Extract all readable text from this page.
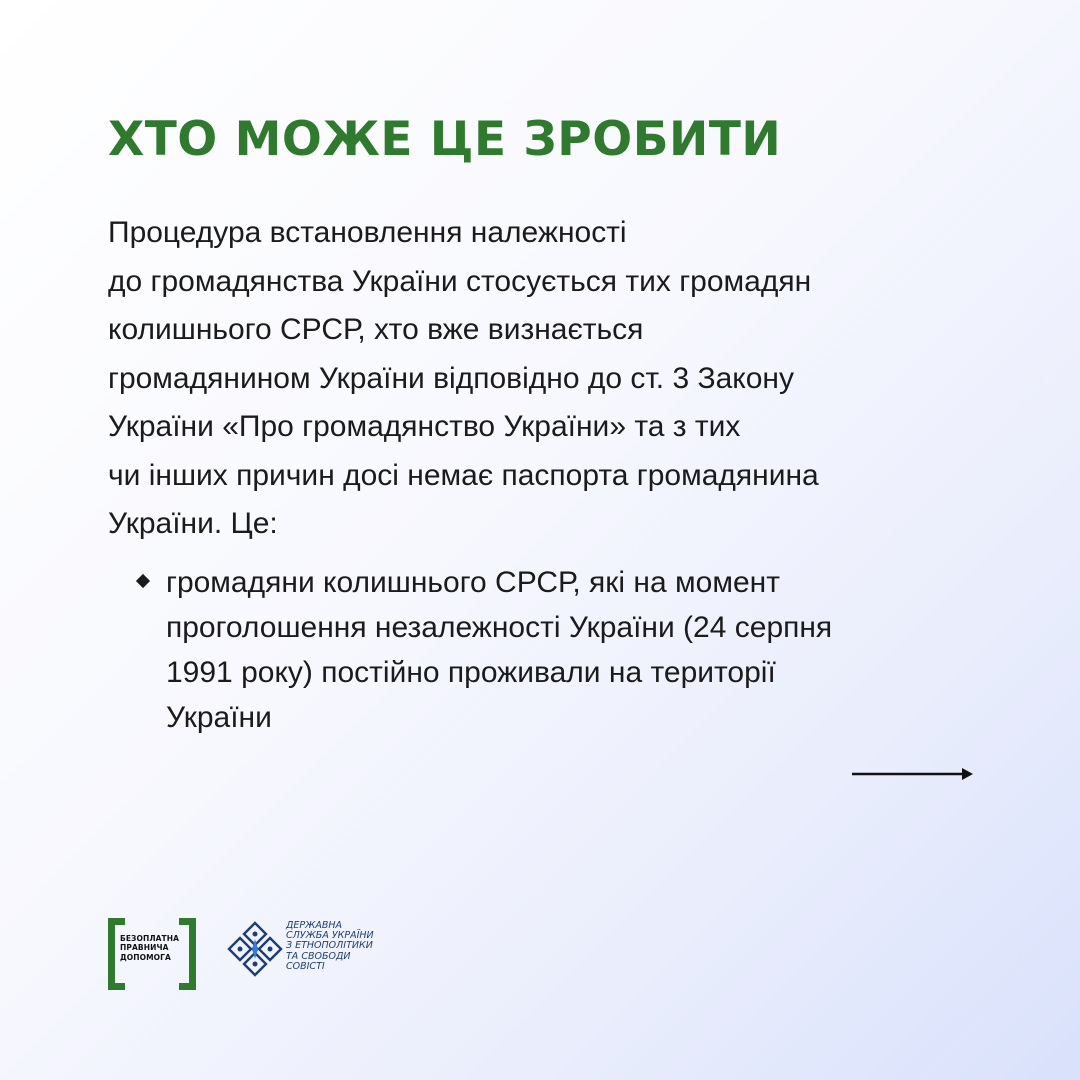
ХТО МОЖЕ ЦЕ ЗРОБИТИ

Процедура встановлення належності
до громадянства України стосується тих громадян
колишнього СРСР, хто вже визнається
громадянином України відповідно до ст. 3 Закону
України «Про громадянство України» та з тих
чи інших причин досі немає паспорта громадянина
України. Це:

громадяни колишнього СРСР, які на момент
проголошення незалежності України (24 серпня
1991 року) постійно проживали на території
України
БЕЗОПЛАТНА
ПРАВНИЧА
ДОПОМОГА
ДЕРЖАВНА
СЛУЖБА УКРАЇНИ
З ЕТНОПОЛІТИКИ
ТА СВОБОДИ
СОВІСТІ
